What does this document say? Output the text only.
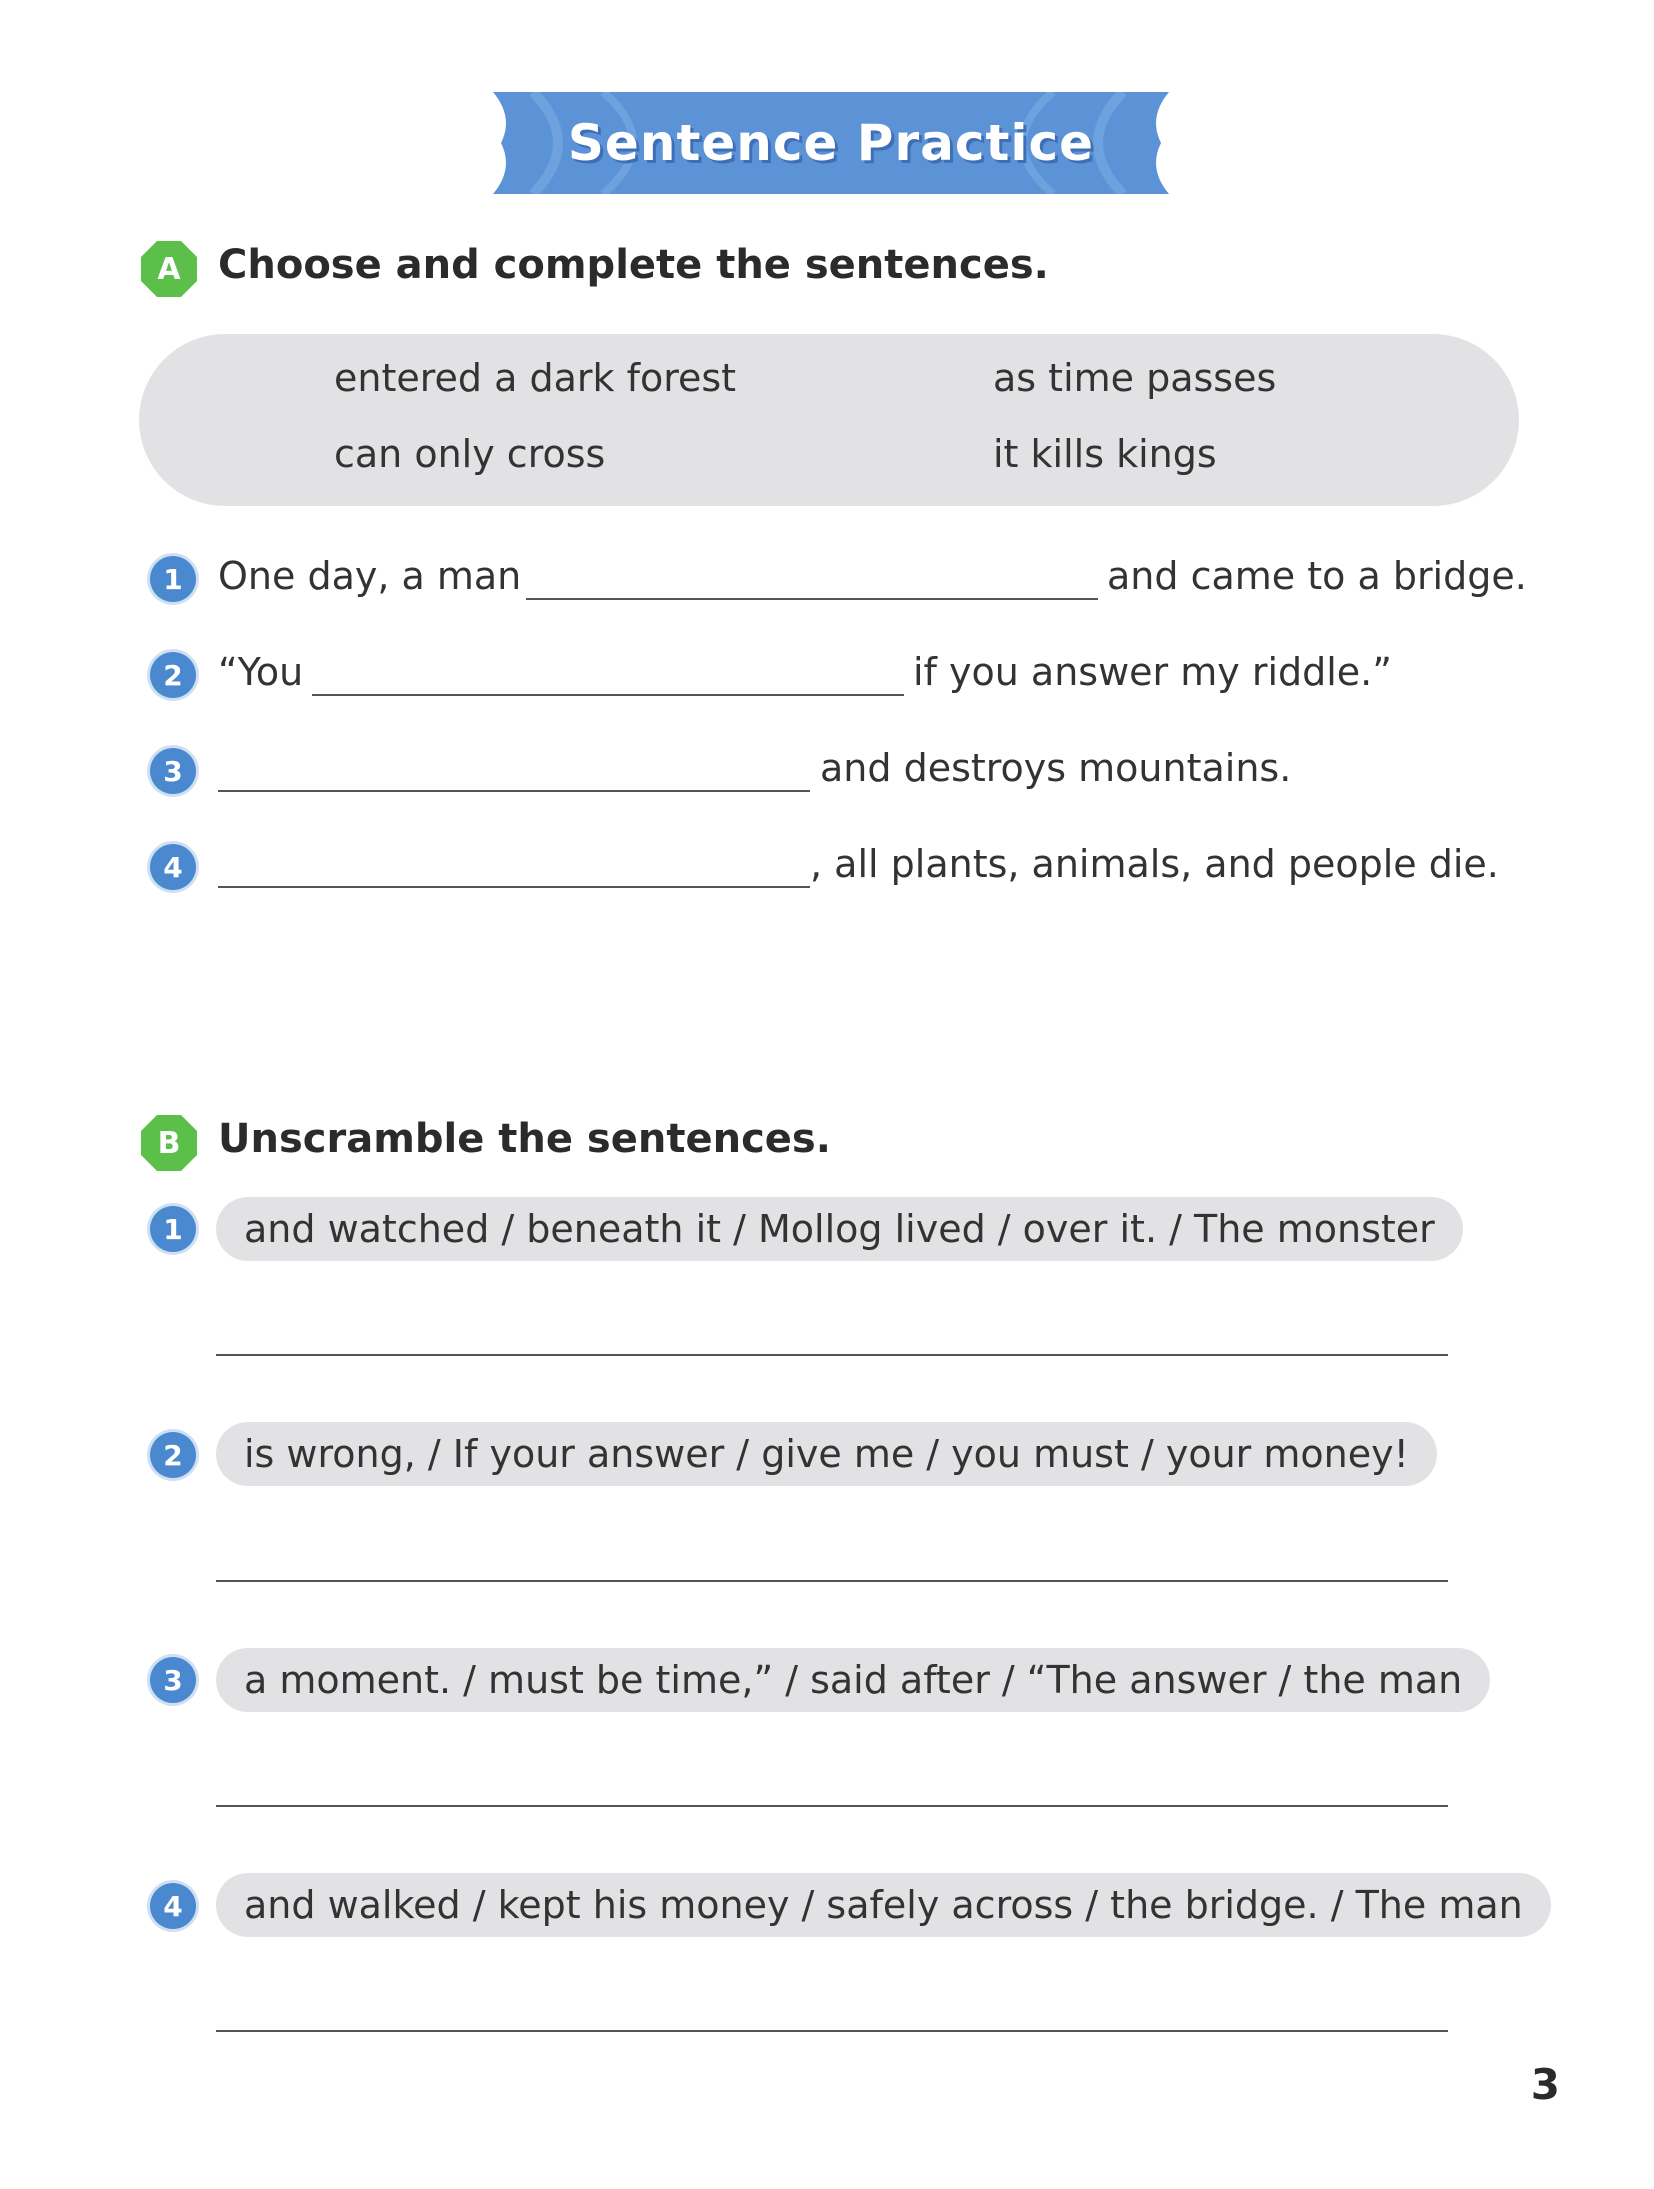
Sentence Practice
A Choose and complete the sentences.
entered a dark forest	as time passes
can only cross	it kills kings
1 One day, a man	and came to a bridge.
2 “You	if you answer my riddle.”
3	and destroys mountains.
4	, all plants, animals, and people die.
B Unscramble the sentences.
1	and watched / beneath it / Mollog lived / over it. / The monster
2	is wrong, / If your answer / give me / you must / your money!
3	a moment. / must be time,” / said after / “The answer / the man
4	and walked / kept his money / safely across / the bridge. / The man
3
